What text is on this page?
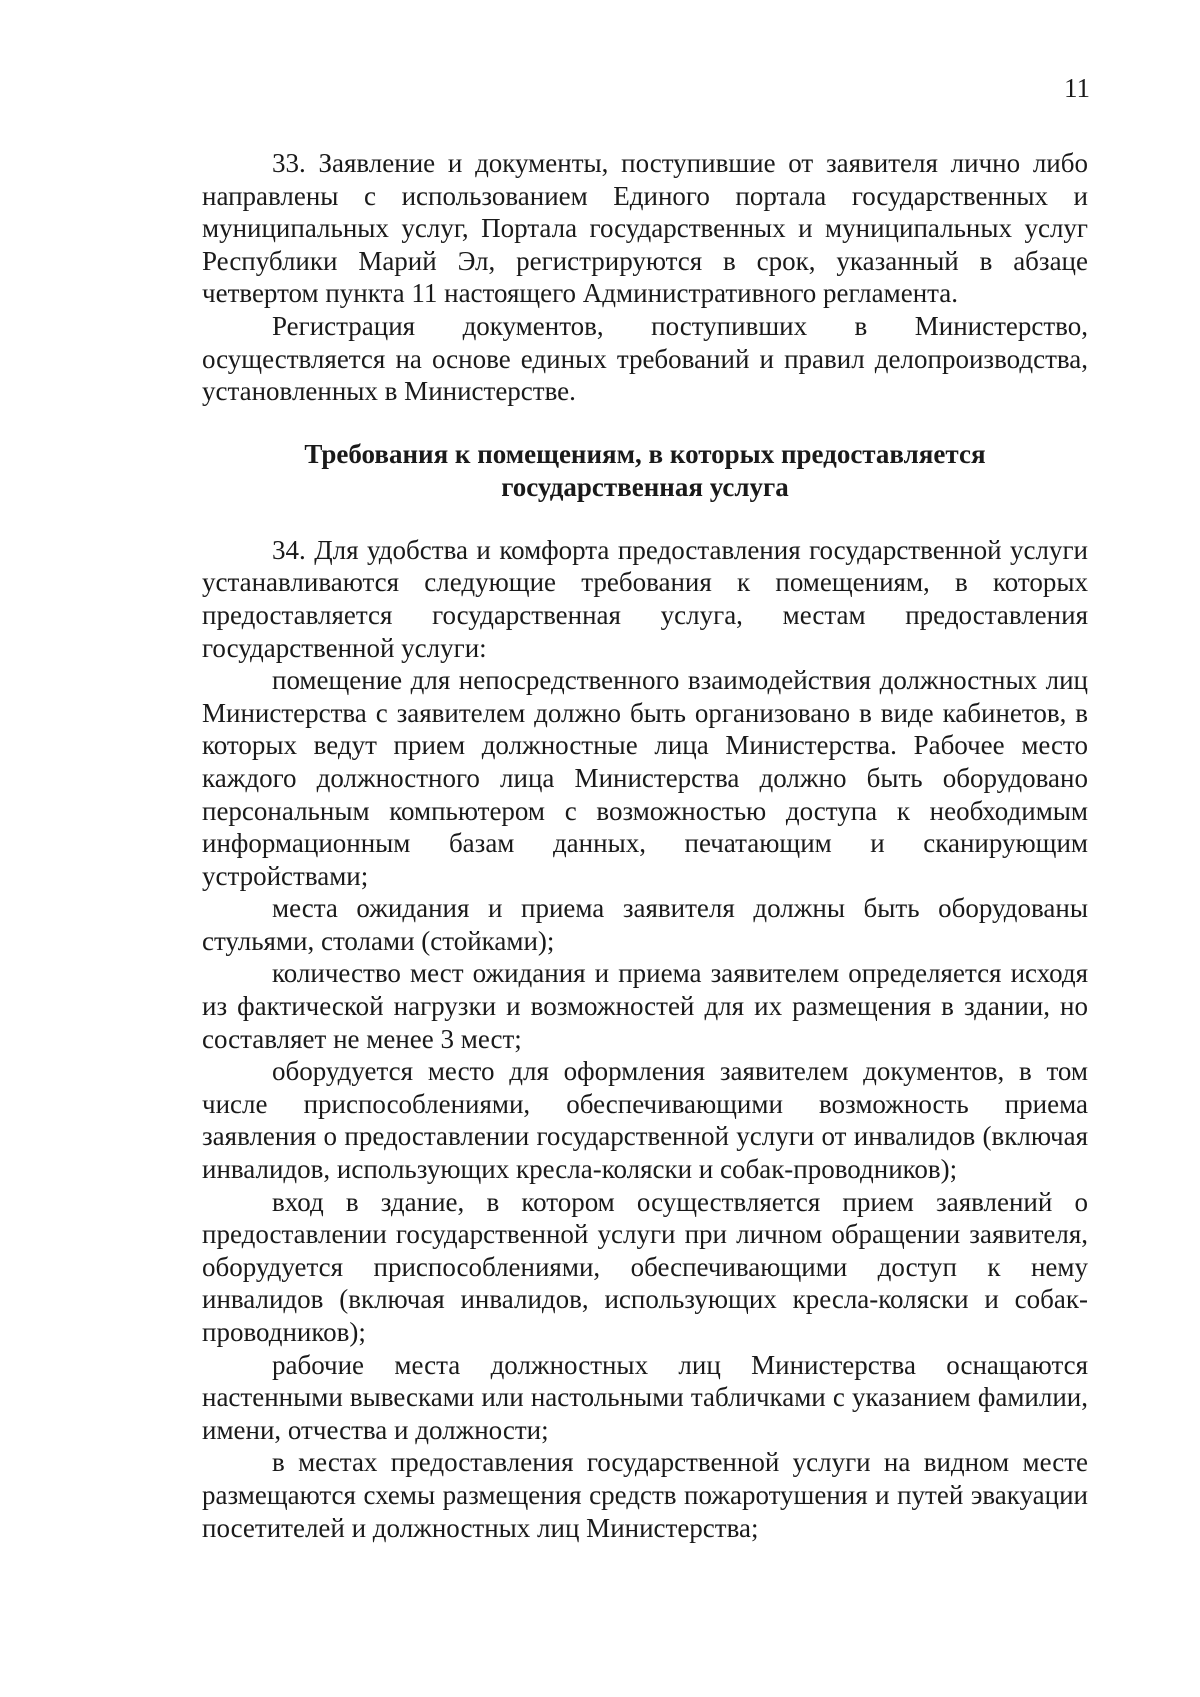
11

33. Заявление и документы, поступившие от заявителя лично либо направлены с использованием Единого портала государственных и муниципальных услуг, Портала государственных и муниципальных услуг Республики Марий Эл, регистрируются в срок, указанный в абзаце четвертом пункта 11 настоящего Административного регламента.

Регистрация документов, поступивших в Министерство, осуществляется на основе единых требований и правил делопроизводства, установленных в Министерстве.

Требования к помещениям, в которых предоставляется
государственная услуга

34. Для удобства и комфорта предоставления государственной услуги устанавливаются следующие требования к помещениям, в которых предоставляется государственная услуга, местам предоставления государственной услуги:

помещение для непосредственного взаимодействия должностных лиц Министерства с заявителем должно быть организовано в виде кабинетов, в которых ведут прием должностные лица Министерства. Рабочее место каждого должностного лица Министерства должно быть оборудовано персональным компьютером с возможностью доступа к необходимым информационным базам данных, печатающим и сканирующим устройствами;

места ожидания и приема заявителя должны быть оборудованы стульями, столами (стойками);

количество мест ожидания и приема заявителем определяется исходя из фактической нагрузки и возможностей для их размещения в здании, но составляет не менее 3 мест;

оборудуется место для оформления заявителем документов, в том числе приспособлениями, обеспечивающими возможность приема заявления о предоставлении государственной услуги от инвалидов (включая инвалидов, использующих кресла-коляски и собак-проводников);

вход в здание, в котором осуществляется прием заявлений о предоставлении государственной услуги при личном обращении заявителя, оборудуется приспособлениями, обеспечивающими доступ к нему инвалидов (включая инвалидов, использующих кресла-коляски и собак-проводников);

рабочие места должностных лиц Министерства оснащаются настенными вывесками или настольными табличками с указанием фамилии, имени, отчества и должности;

в местах предоставления государственной услуги на видном месте размещаются схемы размещения средств пожаротушения и путей эвакуации посетителей и должностных лиц Министерства;
